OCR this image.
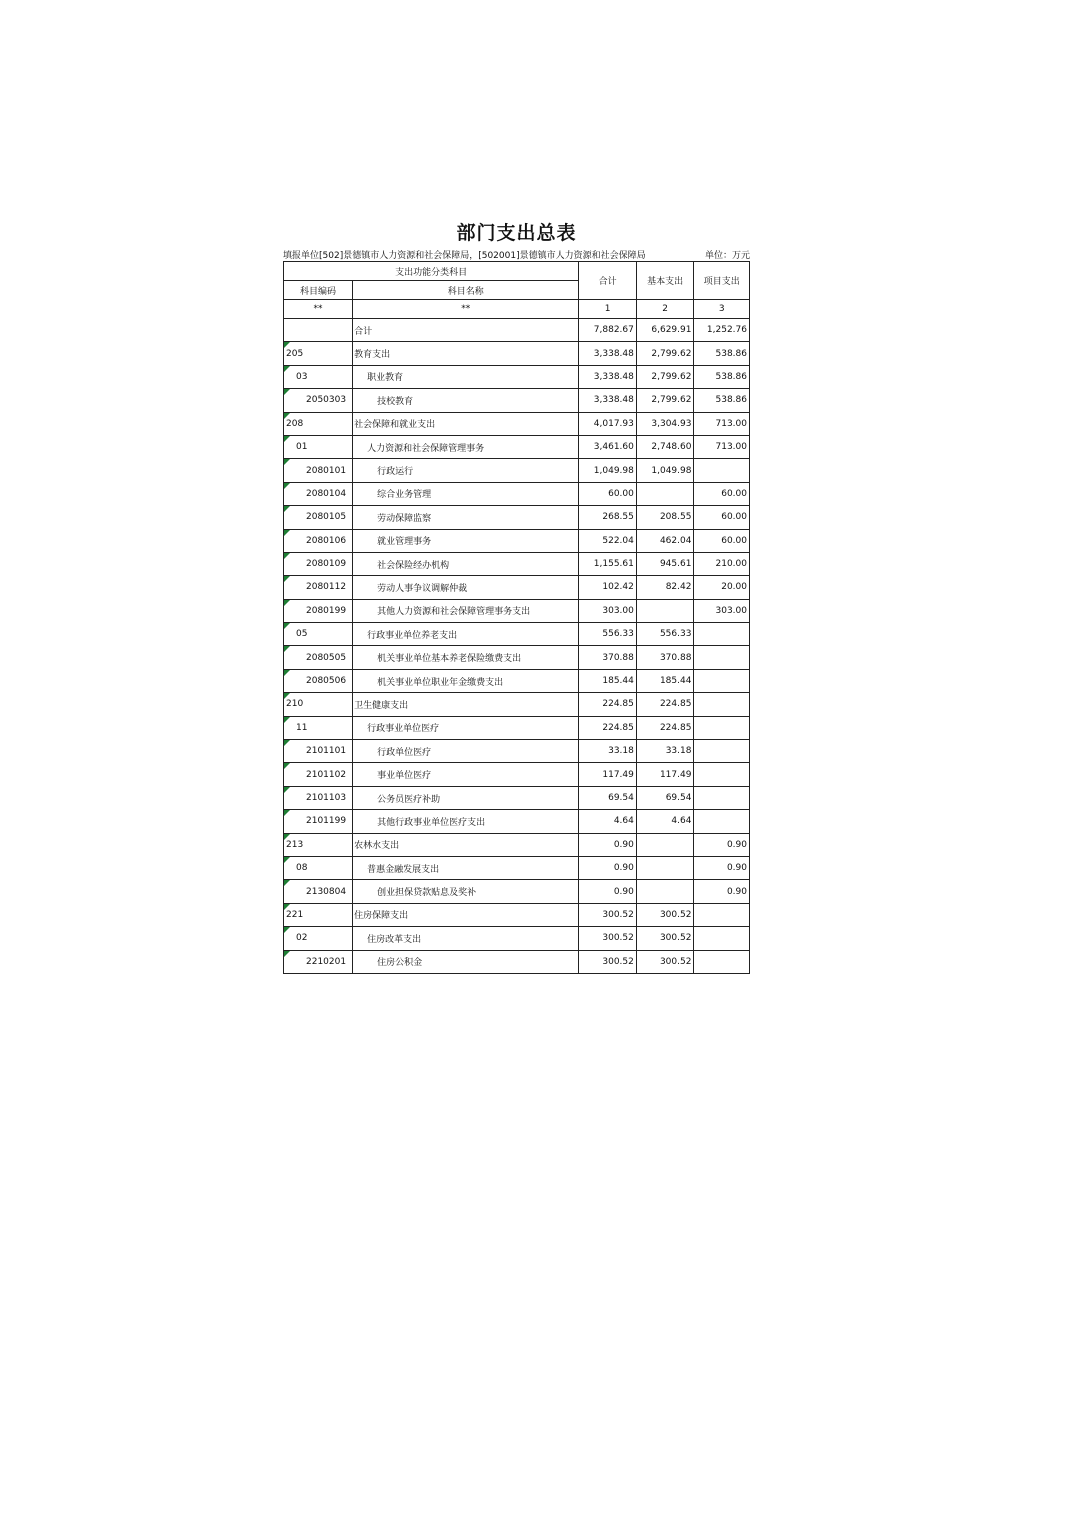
部门支出总表
填报单位[502]景德镇市人力资源和社会保障局，[502001]景德镇市人力资源和社会保障局	单位：万元
支出功能分类科目		合计	基本支出	项目支出
科目编码	科目名称			
**	**	1	2	3
	合计	7,882.67	6,629.91	1,252.76
205	教育支出	3,338.48	2,799.62	538.86
03	职业教育	3,338.48	2,799.62	538.86
2050303	技校教育	3,338.48	2,799.62	538.86
208	社会保障和就业支出	4,017.93	3,304.93	713.00
01	人力资源和社会保障管理事务	3,461.60	2,748.60	713.00
2080101	行政运行	1,049.98	1,049.98	
2080104	综合业务管理	60.00		60.00
2080105	劳动保障监察	268.55	208.55	60.00
2080106	就业管理事务	522.04	462.04	60.00
2080109	社会保险经办机构	1,155.61	945.61	210.00
2080112	劳动人事争议调解仲裁	102.42	82.42	20.00
2080199	其他人力资源和社会保障管理事务支出	303.00		303.00
05	行政事业单位养老支出	556.33	556.33	
2080505	机关事业单位基本养老保险缴费支出	370.88	370.88	
2080506	机关事业单位职业年金缴费支出	185.44	185.44	
210	卫生健康支出	224.85	224.85	
11	行政事业单位医疗	224.85	224.85	
2101101	行政单位医疗	33.18	33.18	
2101102	事业单位医疗	117.49	117.49	
2101103	公务员医疗补助	69.54	69.54	
2101199	其他行政事业单位医疗支出	4.64	4.64	
213	农林水支出	0.90		0.90
08	普惠金融发展支出	0.90		0.90
2130804	创业担保贷款贴息及奖补	0.90		0.90
221	住房保障支出	300.52	300.52	
02	住房改革支出	300.52	300.52	
2210201	住房公积金	300.52	300.52	
